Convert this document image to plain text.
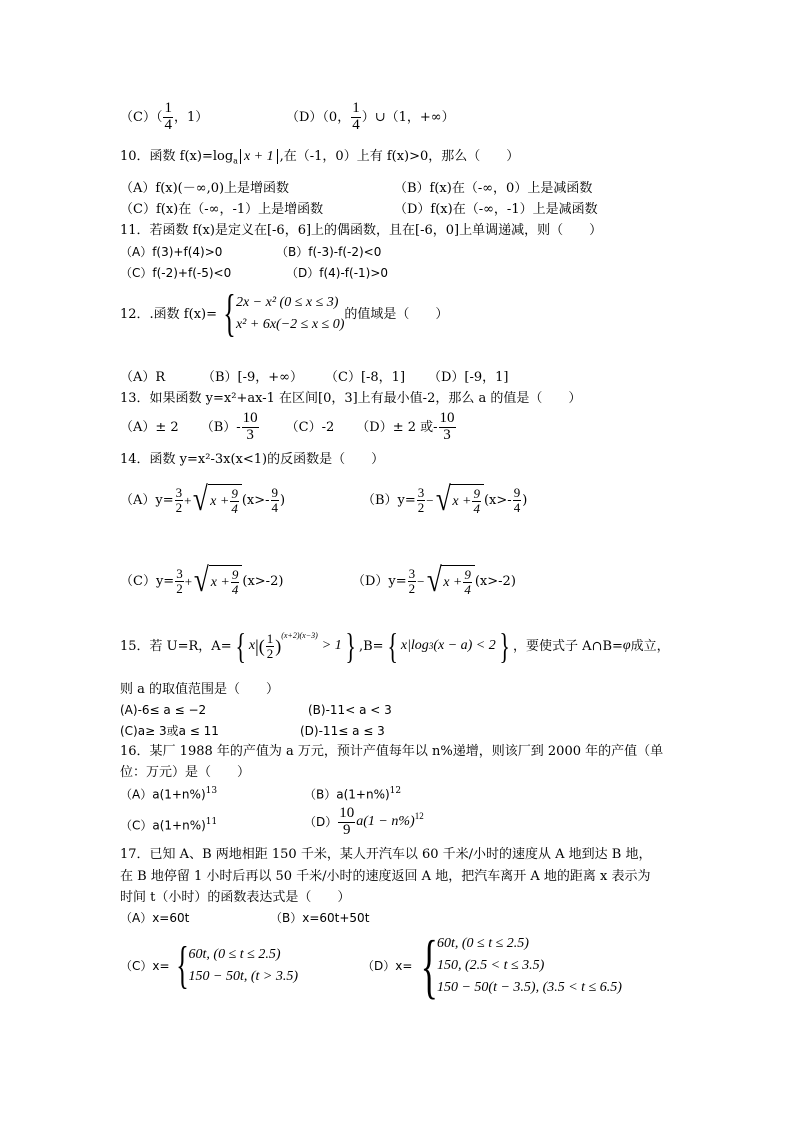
$(C)( \frac{1}{4}$ ，1）	（D）（0， $\frac{1}{4}$ ）∪（1，+∞）
10．函数 $f(x)=\log_a$ x + 1 ,在（-1，0）上有 f(x)>0，那么（　　）
（A）f(x)(－∞,0)上是增函数	（B）f(x)在（-∞，0）上是减函数
（C）f(x)在（-∞，-1）上是增函数	（D）f(x)在（-∞，-1）上是减函数
11．若函数 f(x)是定义在[-6，6]上的偶函数，且在[-6，0]上单调递减，则（　　）
（A）f(3)+f(4)>0	（B）f(-3)-f(-2)<0
（C）f(-2)+f(-5)<0	（D）f(4)-f(-1)>0
12．.函数 f(x)= { 2x − x² (0 ≤ x ≤ 3)
x² + 6x(−2 ≤ x ≤ 0)
的值域是（　　）
（A）R	（B）[-9，+∞） （C）[-8，1] （D）[-9，1]
13．如果函数 y=x²+ax-1 在区间[0，3]上有最小值-2，那么 a 的值是（　　）
（A）± 2 $(B)- \frac{10}{3} (C)-2$ （D）± 2 或- $\frac{10}{3}$
14．函数 y=x²-3x(x<1)的反函数是（　　）
$(A)y= \frac{3}{2}$ + √ $x + \frac{9}{4} (x>- \frac{9}{4}$ )	$(B)y= \frac{3}{2}$ − √ $x + \frac{9}{4} (x>- \frac{9}{4}$ )
$(C)y= \frac{3}{2}$ + √ $x + \frac{9}{4} (x>-2)$	$(D)y= \frac{3}{2}$ − √ $x + \frac{9}{4} (x>-2)$
15．若 U=R，A= { x |( $\frac{1}{2}$ )
(x+2)(x−3)
> 1 } ,B= { x|log 3 (x − a) < 2 } ，要使式子 A∩B= φ 成立，
则 a 的取值范围是（　　）
(A)-6≤ a ≤ −2	(B)-11< a < 3
(C)a≥ 3或a ≤ 11	(D)-11≤ a ≤ 3
16．某厂 1988 年的产值为 a 万元，预计产值每年以 n%递增，则该厂到 2000 年的产值（单
位：万元）是（　　）
$(A)a(1+n\%)^{13}$	$(B)a(1+n\%)^{12}$
$(C)a(1+n\%)^{11}$	$(D) \frac{10}{9} a(1 - n\%)^{12}$
17．已知 A、B 两地相距 150 千米，某人开汽车以 60 千米/小时的速度从 A 地到达 B 地，
在 B 地停留 1 小时后再以 50 千米/小时的速度返回 A 地，把汽车离开 A 地的距离 x 表示为
时间 t（小时）的函数表达式是（　　）
（A）x=60t	（B）x=60t+50t
（C）x= { 60t, (0 ≤ t ≤ 2.5)
150 − 50t, (t > 3.5)
（D）x= {
60t, (0 ≤ t ≤ 2.5)
150, (2.5 < t ≤ 3.5)
150 − 50(t − 3.5), (3.5 < t ≤ 6.5)
